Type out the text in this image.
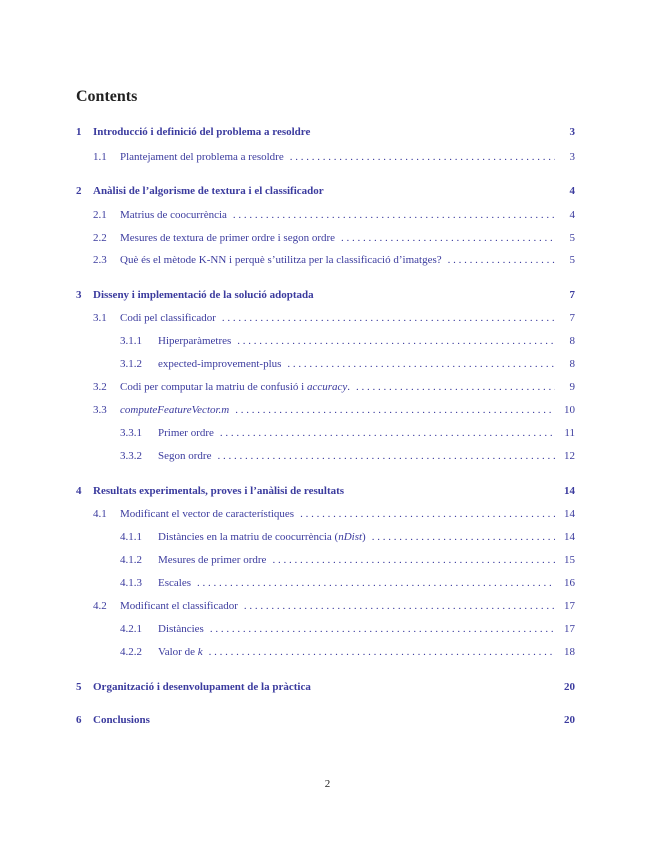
Contents
1	Introducció i definició del problema a resoldre	3
1.1	Plantejament del problema a resoldre . . .	3
2	Anàlisi de l’algorisme de textura i el classificador	4
2.1	Matrius de coocurrència . . .	4
2.2	Mesures de textura de primer ordre i segon ordre . . .	5
2.3	Què és el mètode K-NN i perquè s’utilitza per la classificació d’imatges? . . .	5
3	Disseny i implementació de la solució adoptada	7
3.1	Codi pel classificador . . .	7
3.1.1	Hiperparàmetres . . .	8
3.1.2	expected-improvement-plus . . .	8
3.2	Codi per computar la matriu de confusió i accuracy. . . .	9
3.3	computeFeatureVector.m . . .	10
3.3.1	Primer ordre . . .	11
3.3.2	Segon ordre . . .	12
4	Resultats experimentals, proves i l’anàlisi de resultats	14
4.1	Modificant el vector de característiques . . .	14
4.1.1	Distàncies en la matriu de coocurrència (nDist) . . .	14
4.1.2	Mesures de primer ordre . . .	15
4.1.3	Escales . . .	16
4.2	Modificant el classificador . . .	17
4.2.1	Distàncies . . .	17
4.2.2	Valor de k . . .	18
5	Organització i desenvolupament de la pràctica	20
6	Conclusions	20
2
